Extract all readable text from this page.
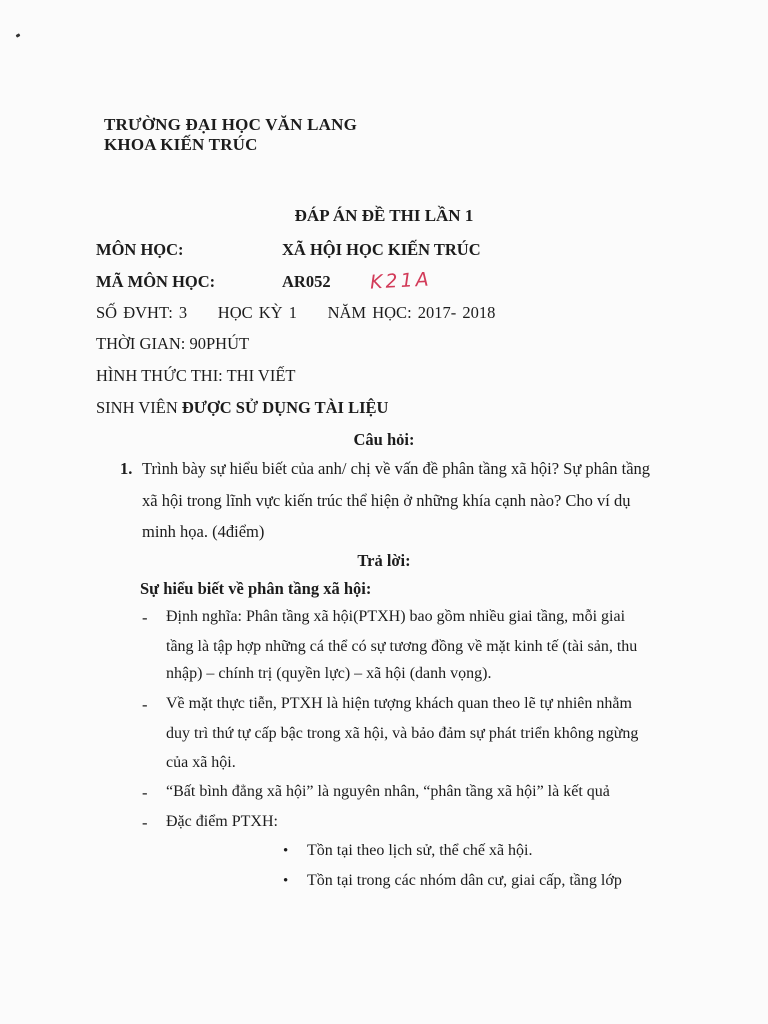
TRƯỜNG ĐẠI HỌC VĂN LANG
KHOA KIẾN TRÚC
ĐÁP ÁN ĐỀ THI LẦN 1
MÔN HỌC:	XÃ HỘI HỌC KIẾN TRÚC
MÃ MÔN HỌC:	AR052 K21A
SỐ ĐVHT: 3     HỌC KỲ 1     NĂM HỌC: 2017- 2018
THỜI GIAN: 90PHÚT
HÌNH THỨC THI: THI VIẾT
SINH VIÊN ĐƯỢC SỬ DỤNG TÀI LIỆU
Câu hỏi:
1. Trình bày sự hiểu biết của anh/ chị về vấn đề phân tầng xã hội? Sự phân tầng
xã hội trong lĩnh vực kiến trúc thể hiện ở những khía cạnh nào? Cho ví dụ
minh họa. (4điểm)
Trả lời:
Sự hiểu biết về phân tầng xã hội:
- Định nghĩa: Phân tầng xã hội(PTXH) bao gồm nhiều giai tầng, mỗi giai
tầng là tập hợp những cá thể có sự tương đồng về mặt kinh tế (tài sản, thu
nhập) – chính trị (quyền lực) – xã hội (danh vọng).
- Về mặt thực tiễn, PTXH là hiện tượng khách quan theo lẽ tự nhiên nhằm
duy trì thứ tự cấp bậc trong xã hội, và bảo đảm sự phát triển không ngừng
của xã hội.
- “Bất bình đẳng xã hội” là nguyên nhân, “phân tầng xã hội” là kết quả
- Đặc điểm PTXH:
• Tồn tại theo lịch sử, thể chế xã hội.
• Tồn tại trong các nhóm dân cư, giai cấp, tầng lớp
